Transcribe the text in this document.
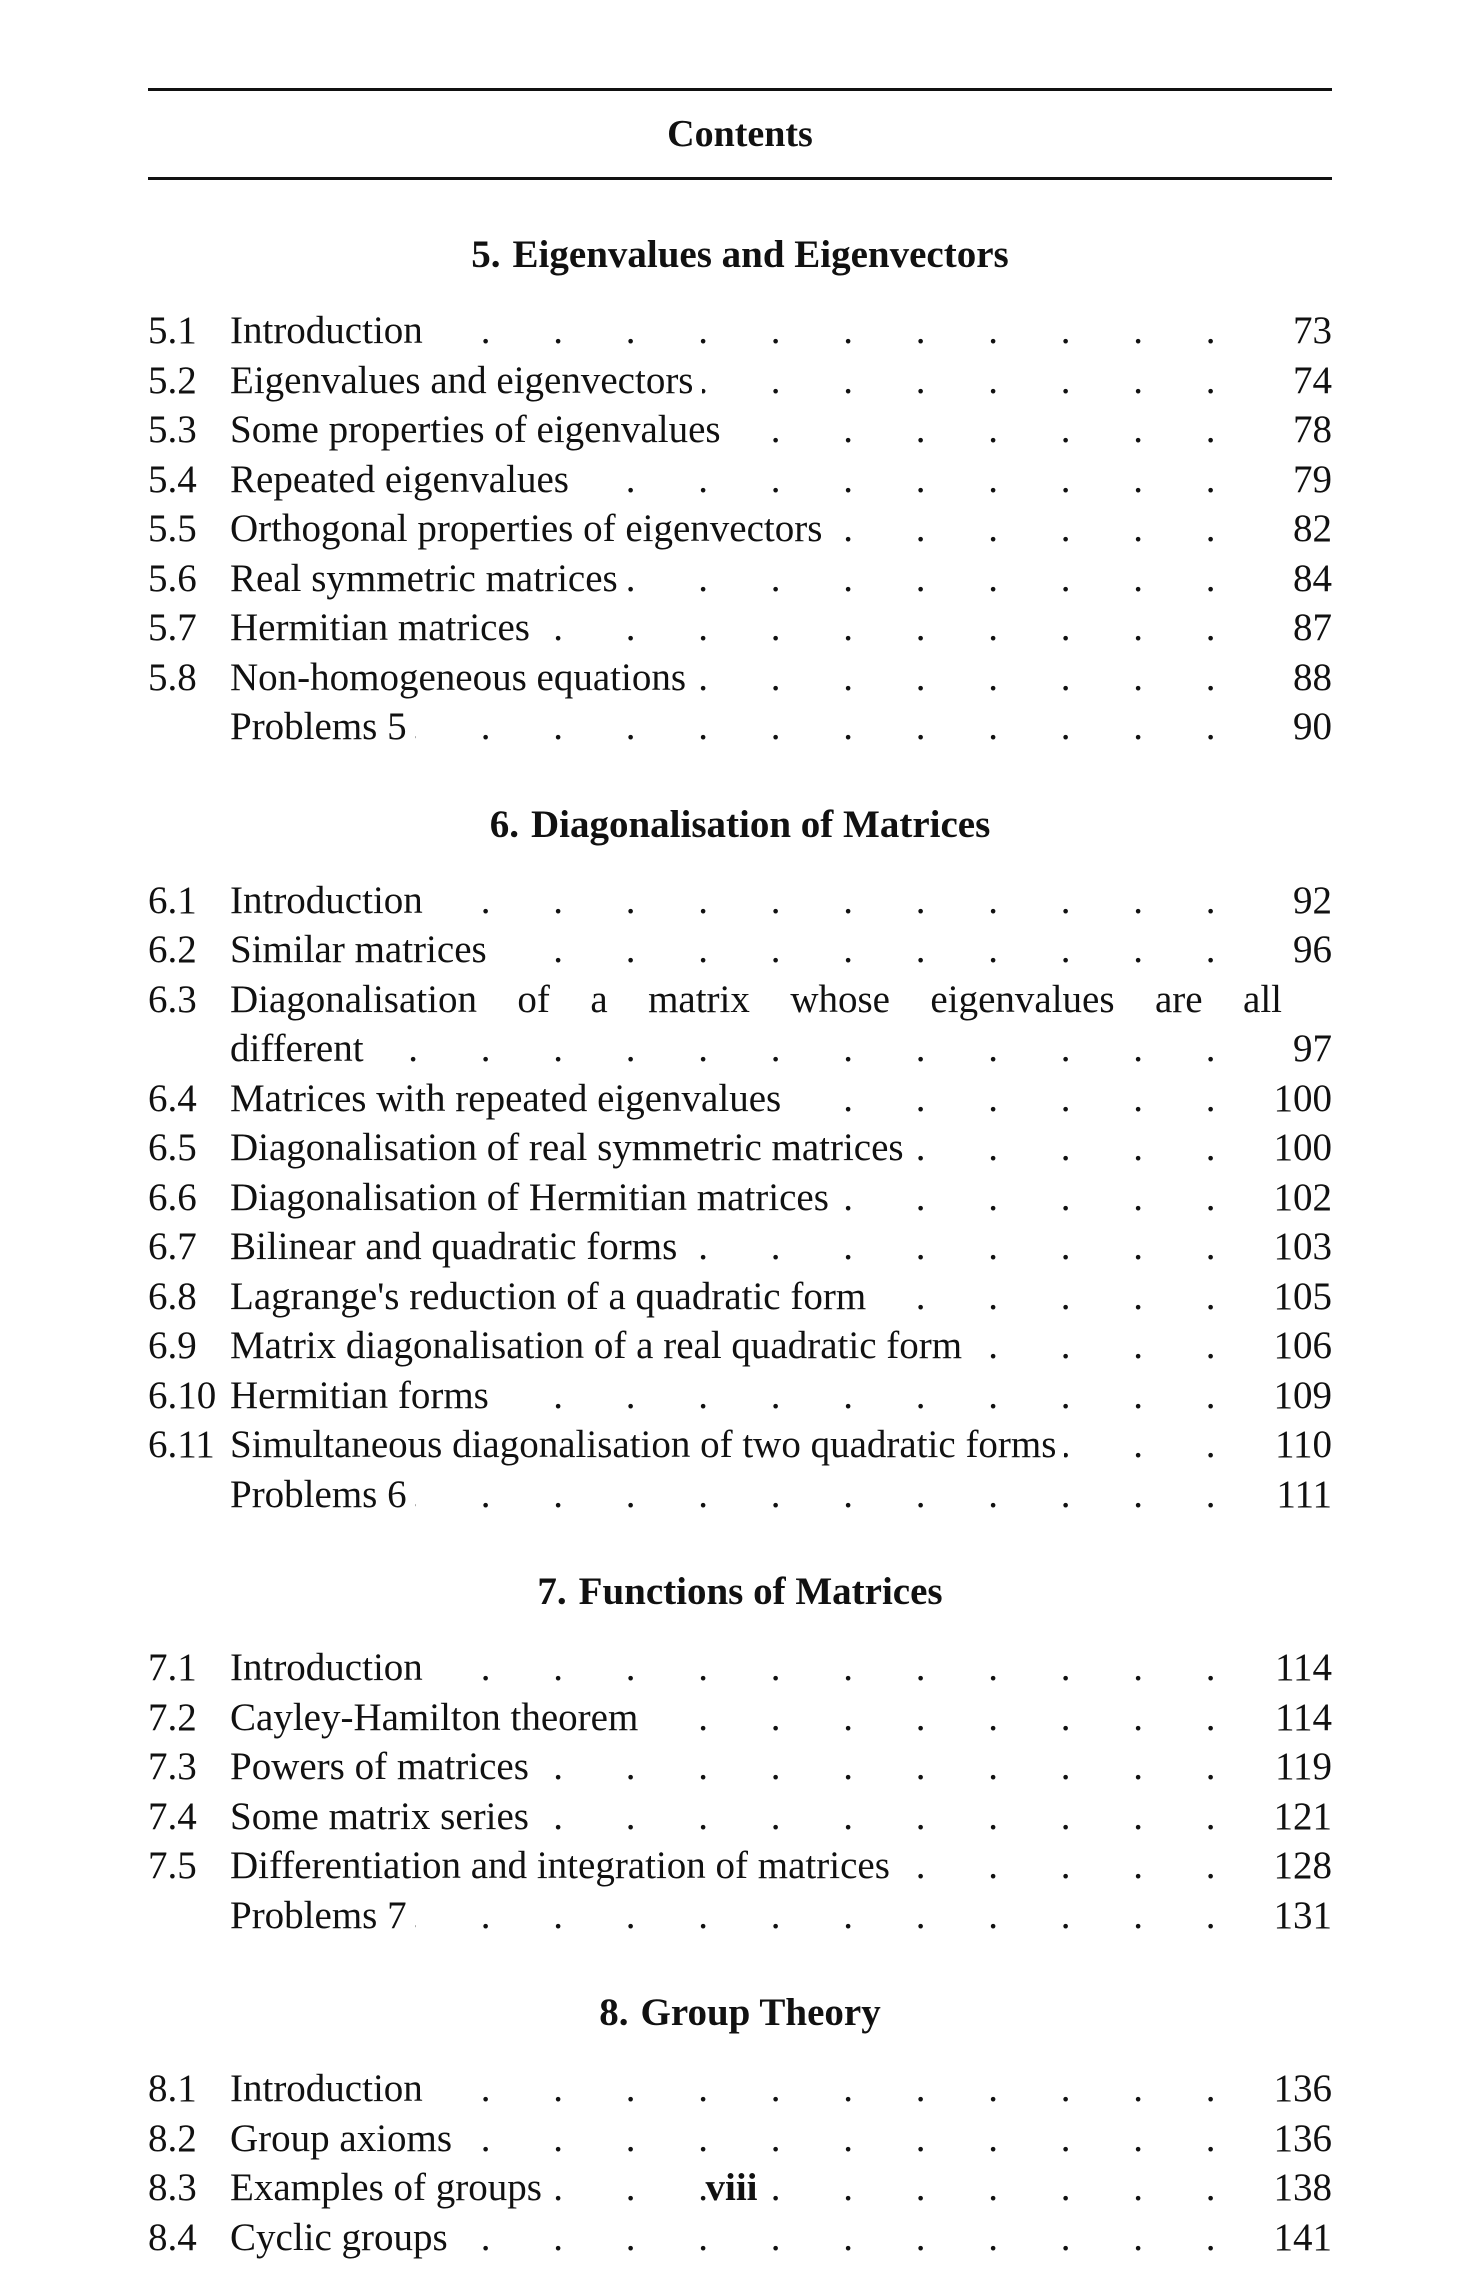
Contents
5. Eigenvalues and Eigenvectors
5.1 Introduction . . .	73
5.2 Eigenvalues and eigenvectors . . .	74
5.3 Some properties of eigenvalues . . .	78
5.4 Repeated eigenvalues . . .	79
5.5 Orthogonal properties of eigenvectors . . .	82
5.6 Real symmetric matrices . . .	84
5.7 Hermitian matrices . . .	87
5.8 Non-homogeneous equations . . .	88
Problems 5 . . .	90
6. Diagonalisation of Matrices
6.1 Introduction . . .	92
6.2 Similar matrices . . .	96
6.3 Diagonalisation of a matrix whose eigenvalues are all
different . . .	97
6.4 Matrices with repeated eigenvalues . . .	100
6.5 Diagonalisation of real symmetric matrices . . .	100
6.6 Diagonalisation of Hermitian matrices . . .	102
6.7 Bilinear and quadratic forms . . .	103
6.8 Lagrange's reduction of a quadratic form . . .	105
6.9 Matrix diagonalisation of a real quadratic form . . .	106
6.10 Hermitian forms . . .	109
6.11 Simultaneous diagonalisation of two quadratic forms . . .	110
Problems 6 . . .	111
7. Functions of Matrices
7.1 Introduction . . .	114
7.2 Cayley-Hamilton theorem . . .	114
7.3 Powers of matrices . . .	119
7.4 Some matrix series . . .	121
7.5 Differentiation and integration of matrices . . .	128
Problems 7 . . .	131
8. Group Theory
8.1 Introduction . . .	136
8.2 Group axioms . . .	136
8.3 Examples of groups . . .	138
8.4 Cyclic groups . . .	141
viii
